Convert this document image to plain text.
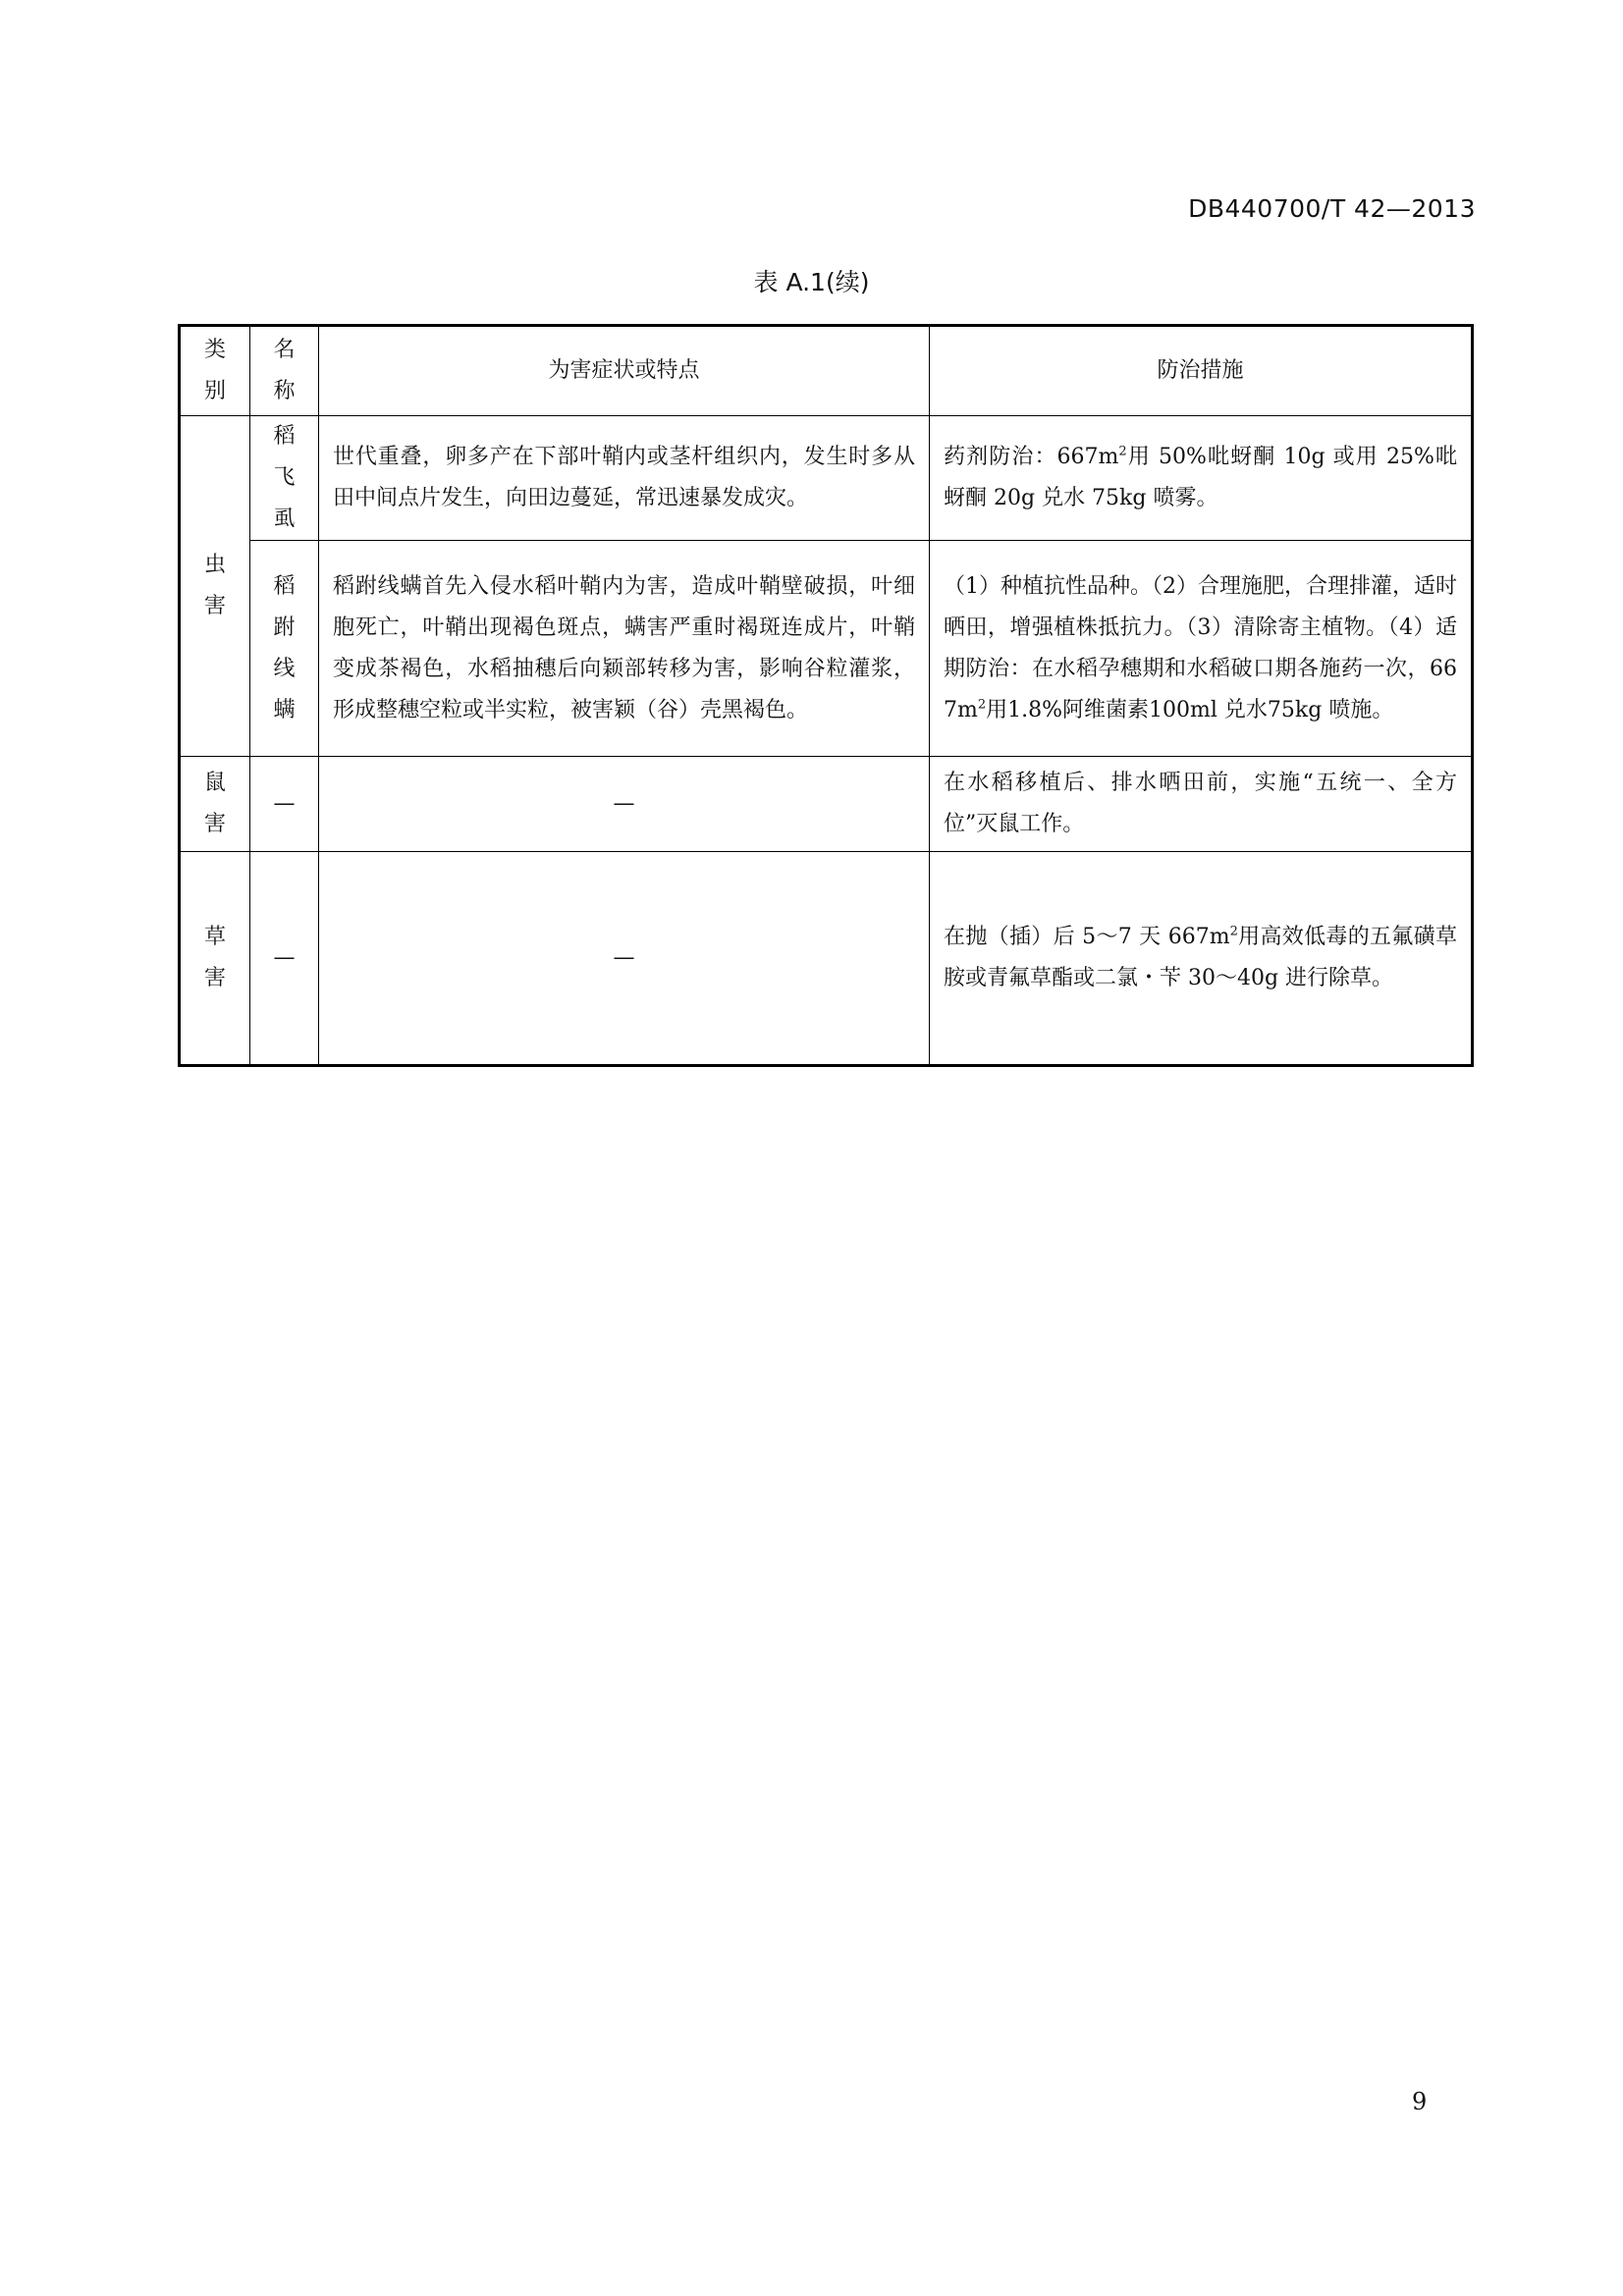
DB440700/T 42—2013
表 A.1(续)
类别	名称	为害症状或特点	防治措施
虫害	稻飞虱	世代重叠，卵多产在下部叶鞘内或茎杆组织内，发生时多从田中间点片发生，向田边蔓延，常迅速暴发成灾。	药剂防治：$667m^2$用 50%吡蚜酮 10g 或用 25%吡蚜酮 20g 兑水 75kg 喷雾。
	稻跗线螨	稻跗线螨首先入侵水稻叶鞘内为害，造成叶鞘壁破损，叶细胞死亡，叶鞘出现褐色斑点，螨害严重时褐斑连成片，叶鞘变成茶褐色，水稻抽穗后向颖部转移为害，影响谷粒灌浆，形成整穗空粒或半实粒，被害颖（谷）壳黑褐色。	（1）种植抗性品种。（2）合理施肥，合理排灌，适时晒田，增强植株抵抗力。（3）清除寄主植物。（4）适期防治：在水稻孕穗期和水稻破口期各施药一次，$667m^2$用1.8%阿维菌素100ml 兑水75kg 喷施。
鼠害	—	—	在水稻移植后、排水晒田前，实施“五统一、全方位”灭鼠工作。
草害	—	—	在抛（插）后 5～7 天 $667m^2$用高效低毒的五氟磺草胺或青氟草酯或二氯・苄 30～40g 进行除草。
9
